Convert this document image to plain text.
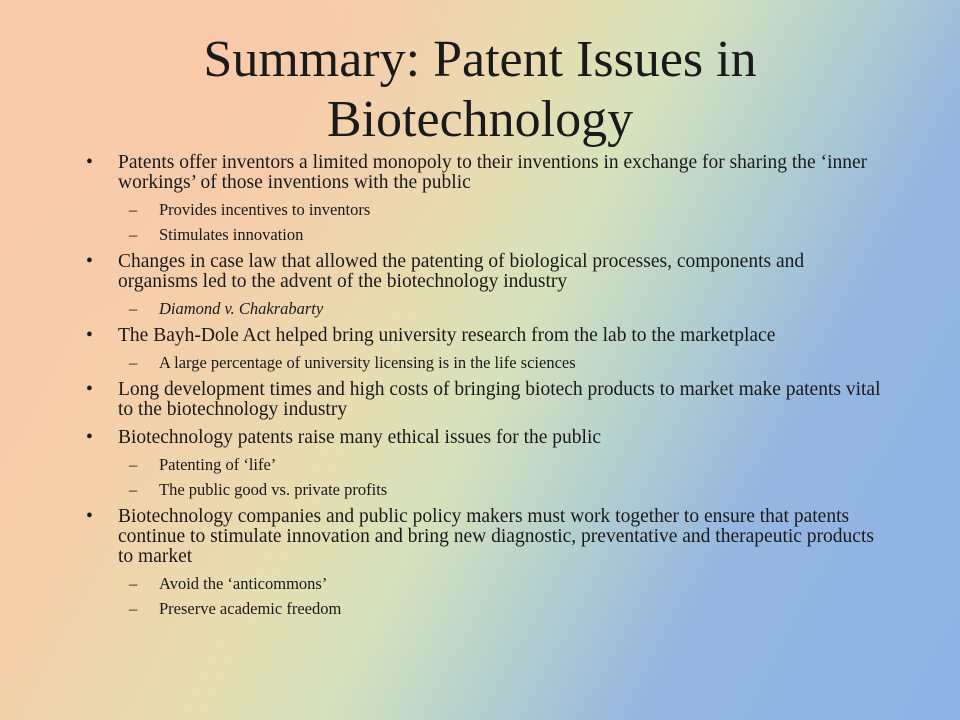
Summary: Patent Issues in Biotechnology
• Patents offer inventors a limited monopoly to their inventions in exchange for sharing the ‘inner workings’ of those inventions with the public
– Provides incentives to inventors
– Stimulates innovation
• Changes in case law that allowed the patenting of biological processes, components and organisms led to the advent of the biotechnology industry
– Diamond v. Chakrabarty
• The Bayh-Dole Act helped bring university research from the lab to the marketplace
– A large percentage of university licensing is in the life sciences
• Long development times and high costs of bringing biotech products to market make patents vital to the biotechnology industry
• Biotechnology patents raise many ethical issues for the public
– Patenting of ‘life’
– The public good vs. private profits
• Biotechnology companies and public policy makers must work together to ensure that patents continue to stimulate innovation and bring new diagnostic, preventative and therapeutic products to market
– Avoid the ‘anticommons’
– Preserve academic freedom
